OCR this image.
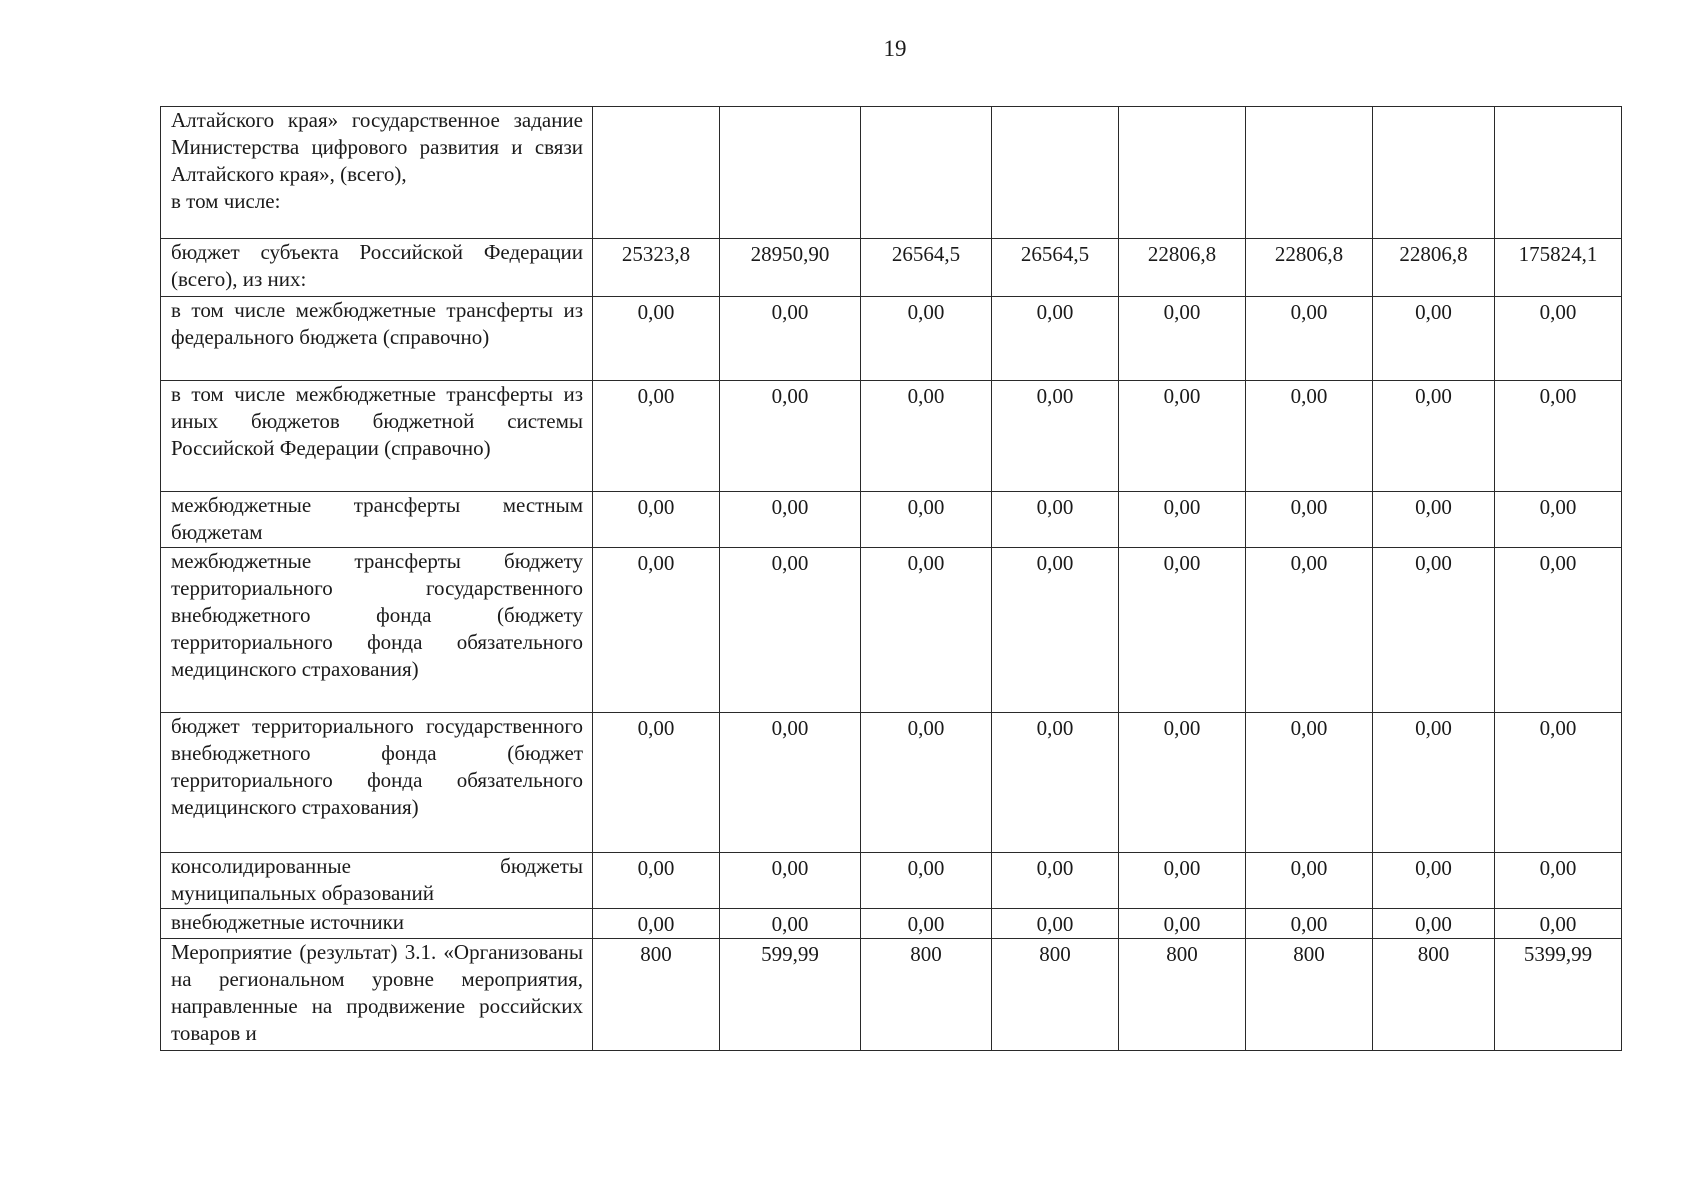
19
Алтайского края» государственное задание Министерства цифрового развития и связи Алтайского края», (всего),
в том числе:								

бюджет субъекта Российской Федерации (всего), из них:	25323,8	28950,90	26564,5	26564,5	22806,8	22806,8	22806,8	175824,1

в том числе межбюджетные трансферты из федерального бюджета (справочно)	0,00	0,00	0,00	0,00	0,00	0,00	0,00	0,00

в том числе межбюджетные трансферты из иных бюджетов бюджетной системы Российской Федерации (справочно)	0,00	0,00	0,00	0,00	0,00	0,00	0,00	0,00

межбюджетные трансферты местным бюджетам	0,00	0,00	0,00	0,00	0,00	0,00	0,00	0,00

межбюджетные трансферты бюджету территориального государственного внебюджетного фонда (бюджету территориального фонда обязательного медицинского страхования)	0,00	0,00	0,00	0,00	0,00	0,00	0,00	0,00

бюджет территориального государственного внебюджетного фонда (бюджет территориального фонда обязательного медицинского страхования)	0,00	0,00	0,00	0,00	0,00	0,00	0,00	0,00

консолидированные бюджеты муниципальных образований	0,00	0,00	0,00	0,00	0,00	0,00	0,00	0,00

внебюджетные источники	0,00	0,00	0,00	0,00	0,00	0,00	0,00	0,00

Мероприятие (результат) 3.1. «Организованы на региональном уровне мероприятия, направленные на продвижение российских товаров и	800	599,99	800	800	800	800	800	5399,99
